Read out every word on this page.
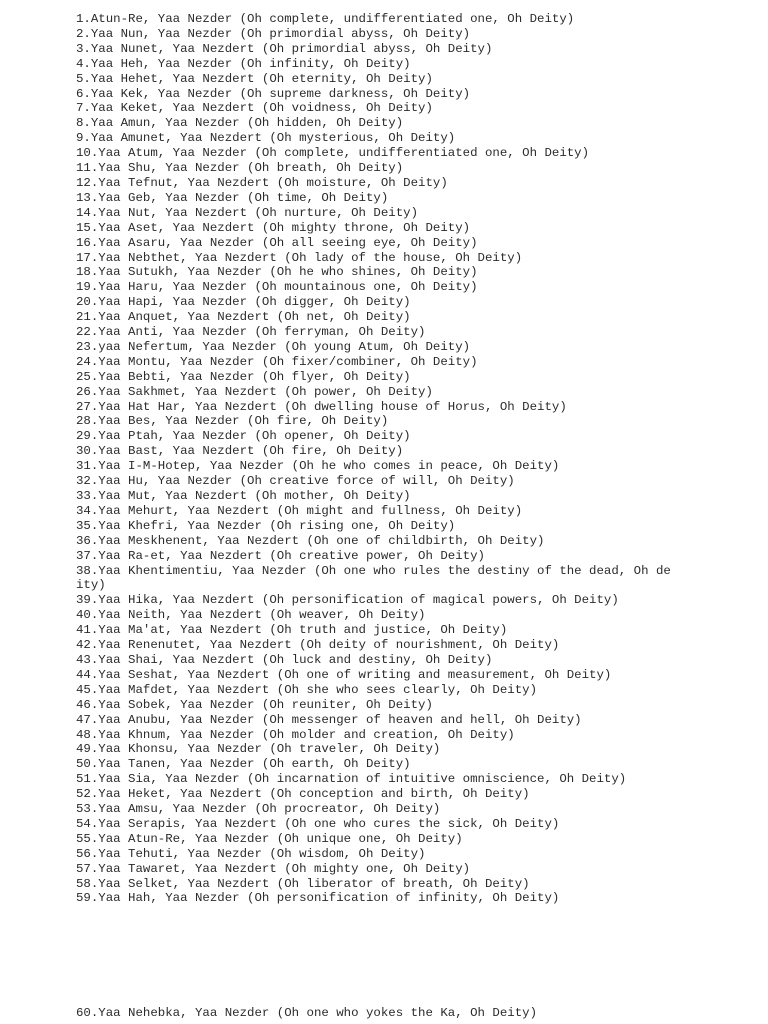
1.Atun-Re, Yaa Nezder (Oh complete, undifferentiated one, Oh Deity)
2.Yaa Nun, Yaa Nezder (Oh primordial abyss, Oh Deity)
3.Yaa Nunet, Yaa Nezdert (Oh primordial abyss, Oh Deity)
4.Yaa Heh, Yaa Nezder (Oh infinity, Oh Deity)
5.Yaa Hehet, Yaa Nezdert (Oh eternity, Oh Deity)
6.Yaa Kek, Yaa Nezder (Oh supreme darkness, Oh Deity)
7.Yaa Keket, Yaa Nezdert (Oh voidness, Oh Deity)
8.Yaa Amun, Yaa Nezder (Oh hidden, Oh Deity)
9.Yaa Amunet, Yaa Nezdert (Oh mysterious, Oh Deity)
10.Yaa Atum, Yaa Nezder (Oh complete, undifferentiated one, Oh Deity)
11.Yaa Shu, Yaa Nezder (Oh breath, Oh Deity)
12.Yaa Tefnut, Yaa Nezdert (Oh moisture, Oh Deity)
13.Yaa Geb, Yaa Nezder (Oh time, Oh Deity)
14.Yaa Nut, Yaa Nezdert (Oh nurture, Oh Deity)
15.Yaa Aset, Yaa Nezdert (Oh mighty throne, Oh Deity)
16.Yaa Asaru, Yaa Nezder (Oh all seeing eye, Oh Deity)
17.Yaa Nebthet, Yaa Nezdert (Oh lady of the house, Oh Deity)
18.Yaa Sutukh, Yaa Nezder (Oh he who shines, Oh Deity)
19.Yaa Haru, Yaa Nezder (Oh mountainous one, Oh Deity)
20.Yaa Hapi, Yaa Nezder (Oh digger, Oh Deity)
21.Yaa Anquet, Yaa Nezdert (Oh net, Oh Deity)
22.Yaa Anti, Yaa Nezder (Oh ferryman, Oh Deity)
23.yaa Nefertum, Yaa Nezder (Oh young Atum, Oh Deity)
24.Yaa Montu, Yaa Nezder (Oh fixer/combiner, Oh Deity)
25.Yaa Bebti, Yaa Nezder (Oh flyer, Oh Deity)
26.Yaa Sakhmet, Yaa Nezdert (Oh power, Oh Deity)
27.Yaa Hat Har, Yaa Nezdert (Oh dwelling house of Horus, Oh Deity)
28.Yaa Bes, Yaa Nezder (Oh fire, Oh Deity)
29.Yaa Ptah, Yaa Nezder (Oh opener, Oh Deity)
30.Yaa Bast, Yaa Nezdert (Oh fire, Oh Deity)
31.Yaa I-M-Hotep, Yaa Nezder (Oh he who comes in peace, Oh Deity)
32.Yaa Hu, Yaa Nezder (Oh creative force of will, Oh Deity)
33.Yaa Mut, Yaa Nezdert (Oh mother, Oh Deity)
34.Yaa Mehurt, Yaa Nezdert (Oh might and fullness, Oh Deity)
35.Yaa Khefri, Yaa Nezder (Oh rising one, Oh Deity)
36.Yaa Meskhenent, Yaa Nezdert (Oh one of childbirth, Oh Deity)
37.Yaa Ra-et, Yaa Nezdert (Oh creative power, Oh Deity)
38.Yaa Khentimentiu, Yaa Nezder (Oh one who rules the destiny of the dead, Oh de
ity)
39.Yaa Hika, Yaa Nezdert (Oh personification of magical powers, Oh Deity)
40.Yaa Neith, Yaa Nezdert (Oh weaver, Oh Deity)
41.Yaa Ma'at, Yaa Nezdert (Oh truth and justice, Oh Deity)
42.Yaa Renenutet, Yaa Nezdert (Oh deity of nourishment, Oh Deity)
43.Yaa Shai, Yaa Nezdert (Oh luck and destiny, Oh Deity)
44.Yaa Seshat, Yaa Nezdert (Oh one of writing and measurement, Oh Deity)
45.Yaa Mafdet, Yaa Nezdert (Oh she who sees clearly, Oh Deity)
46.Yaa Sobek, Yaa Nezder (Oh reuniter, Oh Deity)
47.Yaa Anubu, Yaa Nezder (Oh messenger of heaven and hell, Oh Deity)
48.Yaa Khnum, Yaa Nezder (Oh molder and creation, Oh Deity)
49.Yaa Khonsu, Yaa Nezder (Oh traveler, Oh Deity)
50.Yaa Tanen, Yaa Nezder (Oh earth, Oh Deity)
51.Yaa Sia, Yaa Nezder (Oh incarnation of intuitive omniscience, Oh Deity)
52.Yaa Heket, Yaa Nezdert (Oh conception and birth, Oh Deity)
53.Yaa Amsu, Yaa Nezder (Oh procreator, Oh Deity)
54.Yaa Serapis, Yaa Nezdert (Oh one who cures the sick, Oh Deity)
55.Yaa Atun-Re, Yaa Nezder (Oh unique one, Oh Deity)
56.Yaa Tehuti, Yaa Nezder (Oh wisdom, Oh Deity)
57.Yaa Tawaret, Yaa Nezdert (Oh mighty one, Oh Deity)
58.Yaa Selket, Yaa Nezdert (Oh liberator of breath, Oh Deity)
59.Yaa Hah, Yaa Nezder (Oh personification of infinity, Oh Deity)
60.Yaa Nehebka, Yaa Nezder (Oh one who yokes the Ka, Oh Deity)
